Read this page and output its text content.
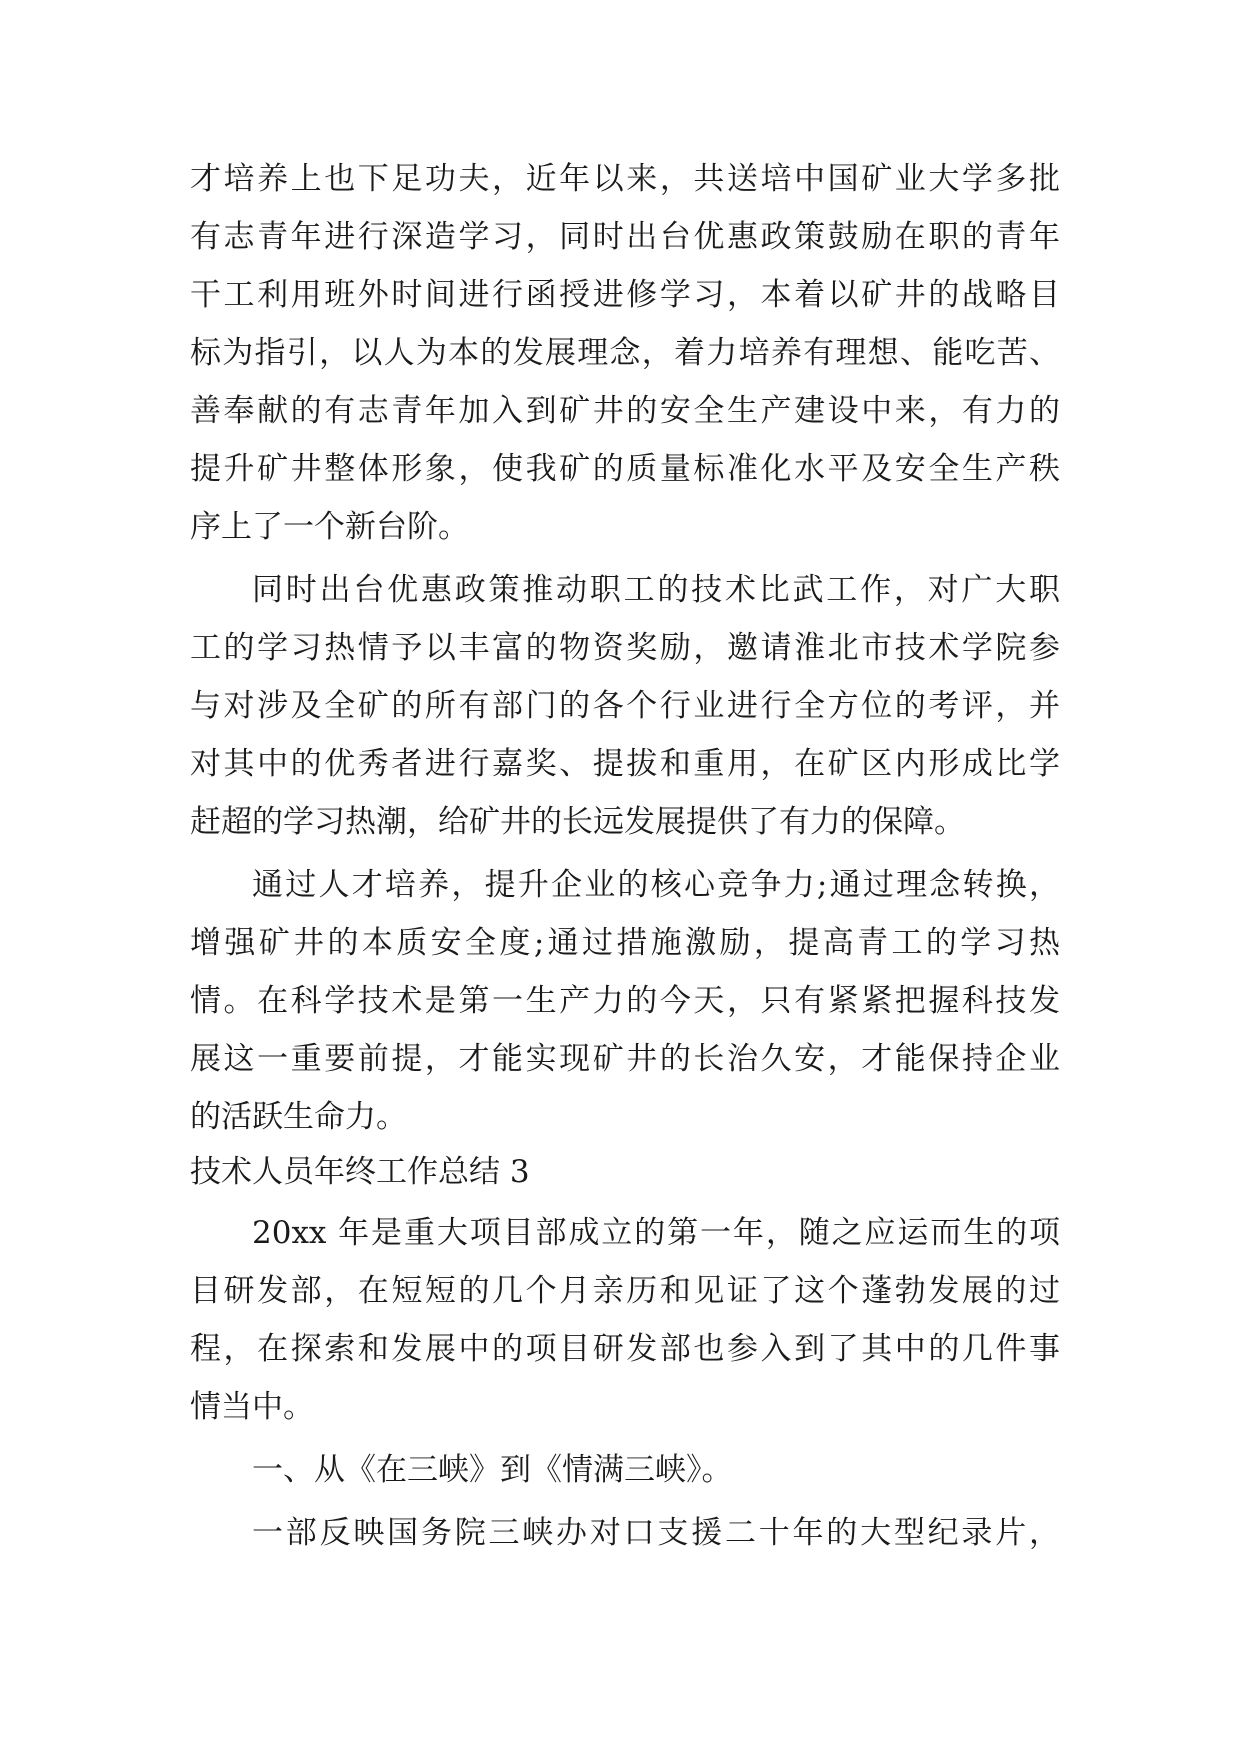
才培养上也下足功夫，近年以来，共送培中国矿业大学多批
有志青年进行深造学习，同时出台优惠政策鼓励在职的青年
干工利用班外时间进行函授进修学习，本着以矿井的战略目
标为指引，以人为本的发展理念，着力培养有理想、能吃苦、
善奉献的有志青年加入到矿井的安全生产建设中来，有力的
提升矿井整体形象，使我矿的质量标准化水平及安全生产秩
序上了一个新台阶。
同时出台优惠政策推动职工的技术比武工作，对广大职
工的学习热情予以丰富的物资奖励，邀请淮北市技术学院参
与对涉及全矿的所有部门的各个行业进行全方位的考评，并
对其中的优秀者进行嘉奖、提拔和重用，在矿区内形成比学
赶超的学习热潮，给矿井的长远发展提供了有力的保障。
通过人才培养，提升企业的核心竞争力;通过理念转换，
增强矿井的本质安全度;通过措施激励，提高青工的学习热
情。在科学技术是第一生产力的今天，只有紧紧把握科技发
展这一重要前提，才能实现矿井的长治久安，才能保持企业
的活跃生命力。
技术人员年终工作总结 3
20xx 年是重大项目部成立的第一年，随之应运而生的项
目研发部，在短短的几个月亲历和见证了这个蓬勃发展的过
程，在探索和发展中的项目研发部也参入到了其中的几件事
情当中。
一、从《在三峡》到《情满三峡》。
一部反映国务院三峡办对口支援二十年的大型纪录片，
